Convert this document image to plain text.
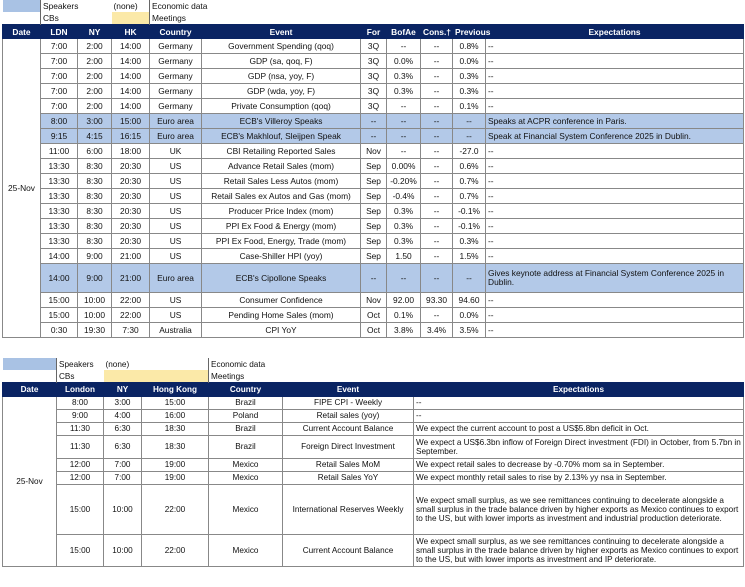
	Speakers		(none)	Economic data						
	CBs			Meetings						
Date	LDN	NY	HK	Country	Event	For	BofAe	Cons.†	Previous	Expectations
25-Nov	7:00	2:00	14:00	Germany	Government Spending (qoq)	3Q	--	--	0.8%	--
	7:00	2:00	14:00	Germany	GDP (sa, qoq, F)	3Q	0.0%	--	0.0%	--
	7:00	2:00	14:00	Germany	GDP (nsa, yoy, F)	3Q	0.3%	--	0.3%	--
	7:00	2:00	14:00	Germany	GDP (wda, yoy, F)	3Q	0.3%	--	0.3%	--
	7:00	2:00	14:00	Germany	Private Consumption (qoq)	3Q	--	--	0.1%	--
	8:00	3:00	15:00	Euro area	ECB's Villeroy Speaks	--	--	--	--	Speaks at ACPR conference in Paris.
	9:15	4:15	16:15	Euro area	ECB's Makhlouf, Sleijpen Speak	--	--	--	--	Speak at Financial System Conference 2025 in Dublin.
	11:00	6:00	18:00	UK	CBI Retailing Reported Sales	Nov	--	--	-27.0	--
	13:30	8:30	20:30	US	Advance Retail Sales (mom)	Sep	0.00%	--	0.6%	--
	13:30	8:30	20:30	US	Retail Sales Less Autos (mom)	Sep	-0.20%	--	0.7%	--
	13:30	8:30	20:30	US	Retail Sales ex Autos and Gas (mom)	Sep	-0.4%	--	0.7%	--
	13:30	8:30	20:30	US	Producer Price Index (mom)	Sep	0.3%	--	-0.1%	--
	13:30	8:30	20:30	US	PPI Ex Food & Energy (mom)	Sep	0.3%	--	-0.1%	--
	13:30	8:30	20:30	US	PPI Ex Food, Energy, Trade (mom)	Sep	0.3%	--	0.3%	--
	14:00	9:00	21:00	US	Case-Shiller HPI (yoy)	Sep	1.50	--	1.5%	--
	14:00	9:00	21:00	Euro area	ECB's Cipollone Speaks	--	--	--	--	Gives keynote address at Financial System Conference 2025 in Dublin.
	15:00	10:00	22:00	US	Consumer Confidence	Nov	92.00	93.30	94.60	--
	15:00	10:00	22:00	US	Pending Home Sales (mom)	Oct	0.1%	--	0.0%	--
	0:30	19:30	7:30	Australia	CPI YoY	Oct	3.8%	3.4%	3.5%	--
	Speakers	(none)		Economic data		
	CBs			Meetings		
Date	London	NY	Hong Kong	Country	Event	Expectations
25-Nov	8:00	3:00	15:00	Brazil	FIPE CPI - Weekly	--
	9:00	4:00	16:00	Poland	Retail sales (yoy)	--
	11:30	6:30	18:30	Brazil	Current Account Balance	We expect the current account to post a US$5.8bn deficit in Oct.
	11:30	6:30	18:30	Brazil	Foreign Direct Investment	We expect a US$6.3bn inflow of Foreign Direct investment (FDI) in October, from 5.7bn in September.
	12:00	7:00	19:00	Mexico	Retail Sales MoM	We expect retail sales to decrease by -0.70% mom sa in September.
	12:00	7:00	19:00	Mexico	Retail Sales YoY	We expect monthly retail sales to rise by 2.13% yy nsa in September.
	15:00	10:00	22:00	Mexico	International Reserves Weekly	We expect small surplus, as we see remittances continuing to decelerate alongside a small surplus in the trade balance driven by higher exports as Mexico continues to export to the US, but with lower imports as investment and industrial production deteriorate.
	15:00	10:00	22:00	Mexico	Current Account Balance	We expect small surplus, as we see remittances continuing to decelerate alongside a small surplus in the trade balance driven by higher exports as Mexico continues to export to the US, but with lower imports as investment and IP deteriorate.
